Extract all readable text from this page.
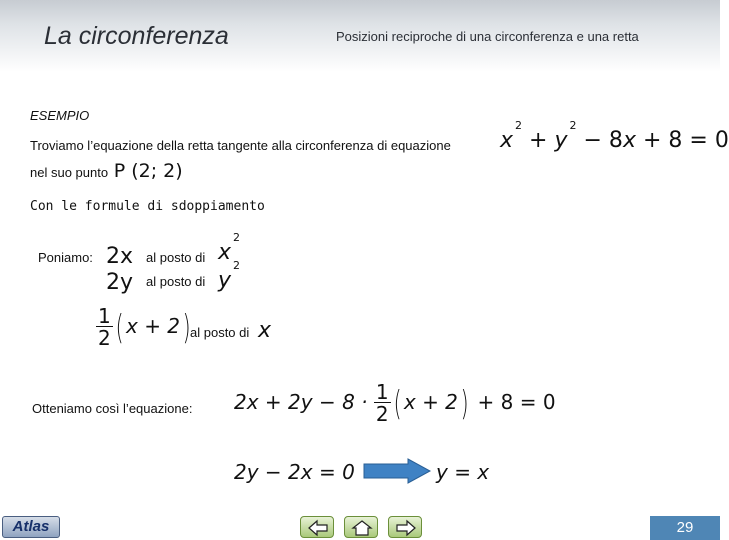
La circonferenza	Posizioni reciproche di una circonferenza e una retta
ESEMPIO
Troviamo l’equazione della retta tangente alla circonferenza di equazione
nel suo punto P (2; 2)
$x^2 + y^2 - 8x + 8 = 0$
Con le formule di sdoppiamento
Poniamo: 2x al posto di $x^2$
2y al posto di $y^2$
$\frac{1}{2}$ ( x + 2) al posto di x
Otteniamo così l’equazione: $2x + 2y - 8 \cdot \frac{1}{2}$ ( x + 2) + 8 = 0
2y − 2x = 0	y = x
Atlas	29
